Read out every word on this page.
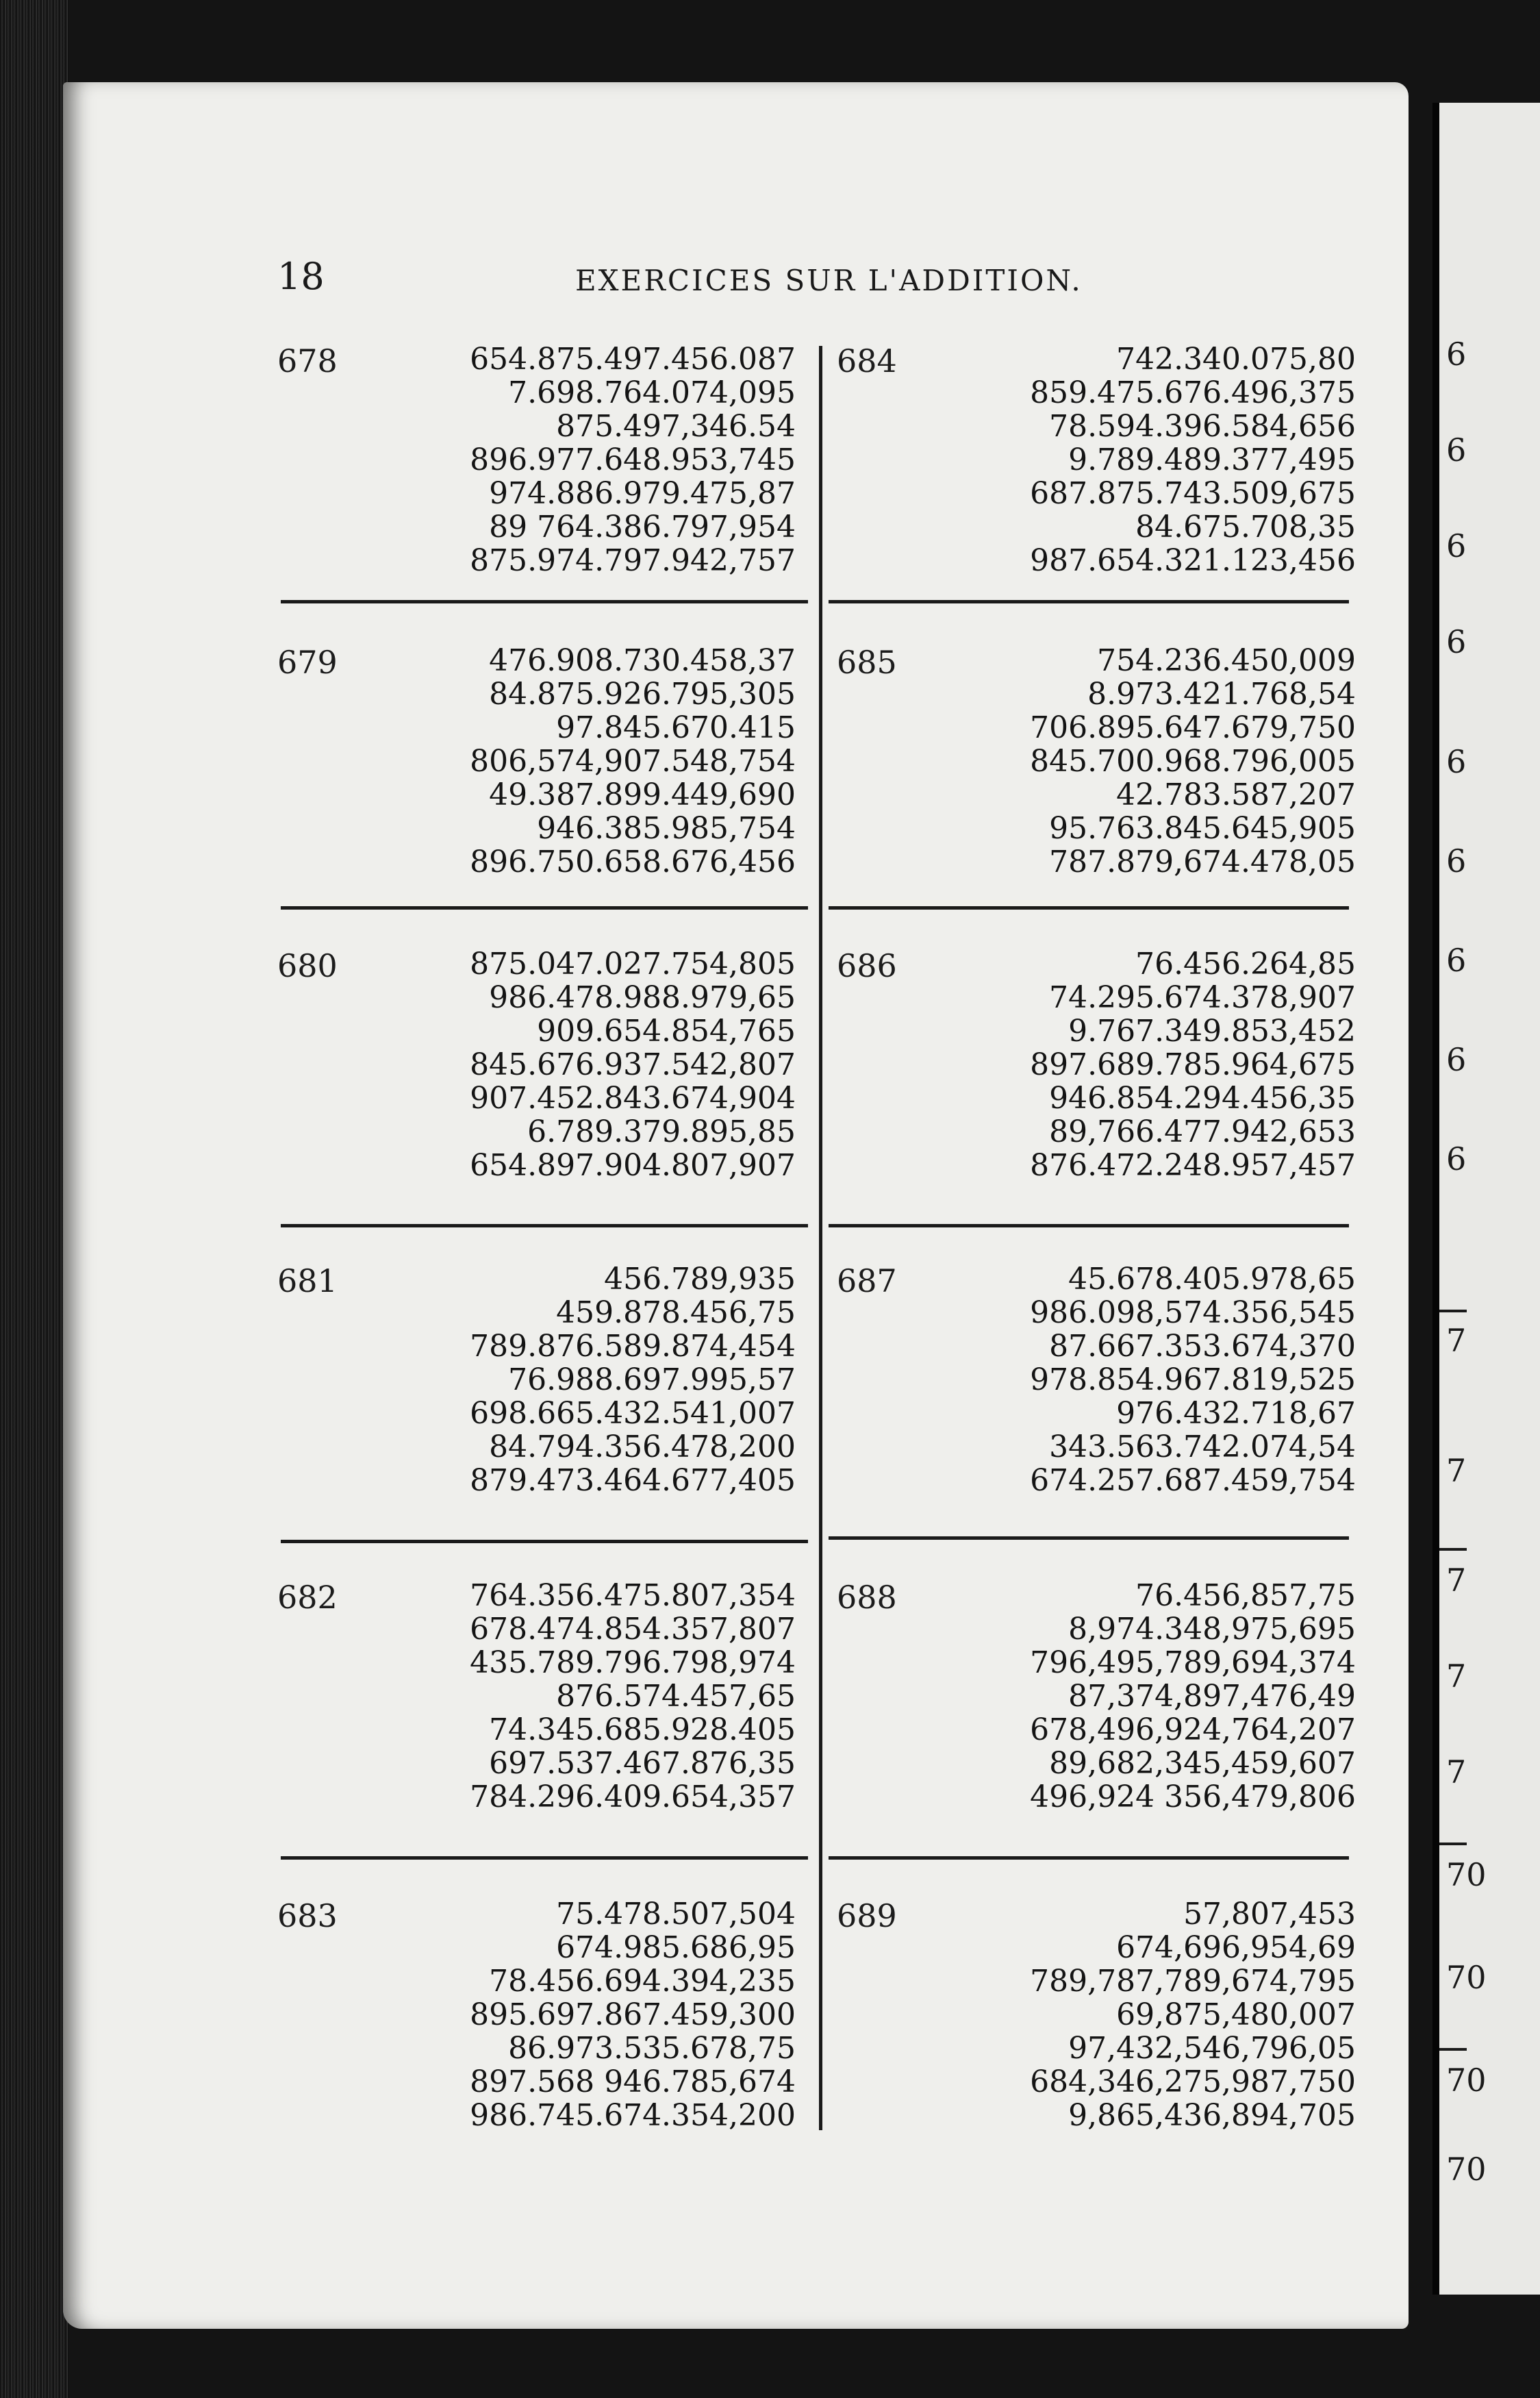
6
6
6
6
6
6
6
6
6
7
7
7
7
7
70
70
70
70
18	EXERCICES SUR L'ADDITION.
678	654.875.497.456.087
7.698.764.074,095
875.497,346.54
896.977.648.953,745
974.886.979.475,87
89 764.386.797,954
875.974.797.942,757
679	476.908.730.458,37
84.875.926.795,305
97.845.670.415
806,574,907.548,754
49.387.899.449,690
946.385.985,754
896.750.658.676,456
680	875.047.027.754,805
986.478.988.979,65
909.654.854,765
845.676.937.542,807
907.452.843.674,904
6.789.379.895,85
654.897.904.807,907
681	456.789,935
459.878.456,75
789.876.589.874,454
76.988.697.995,57
698.665.432.541,007
84.794.356.478,200
879.473.464.677,405
682	764.356.475.807,354
678.474.854.357,807
435.789.796.798,974
876.574.457,65
74.345.685.928.405
697.537.467.876,35
784.296.409.654,357
683	75.478.507,504
674.985.686,95
78.456.694.394,235
895.697.867.459,300
86.973.535.678,75
897.568 946.785,674
986.745.674.354,200
684	742.340.075,80
859.475.676.496,375
78.594.396.584,656
9.789.489.377,495
687.875.743.509,675
84.675.708,35
987.654.321.123,456
685	754.236.450,009
8.973.421.768,54
706.895.647.679,750
845.700.968.796,005
42.783.587,207
95.763.845.645,905
787.879,674.478,05
686	76.456.264,85
74.295.674.378,907
9.767.349.853,452
897.689.785.964,675
946.854.294.456,35
89,766.477.942,653
876.472.248.957,457
687	45.678.405.978,65
986.098,574.356,545
87.667.353.674,370
978.854.967.819,525
976.432.718,67
343.563.742.074,54
674.257.687.459,754
688	76.456,857,75
8,974.348,975,695
796,495,789,694,374
87,374,897,476,49
678,496,924,764,207
89,682,345,459,607
496,924 356,479,806
689	57,807,453
674,696,954,69
789,787,789,674,795
69,875,480,007
97,432,546,796,05
684,346,275,987,750
9,865,436,894,705
